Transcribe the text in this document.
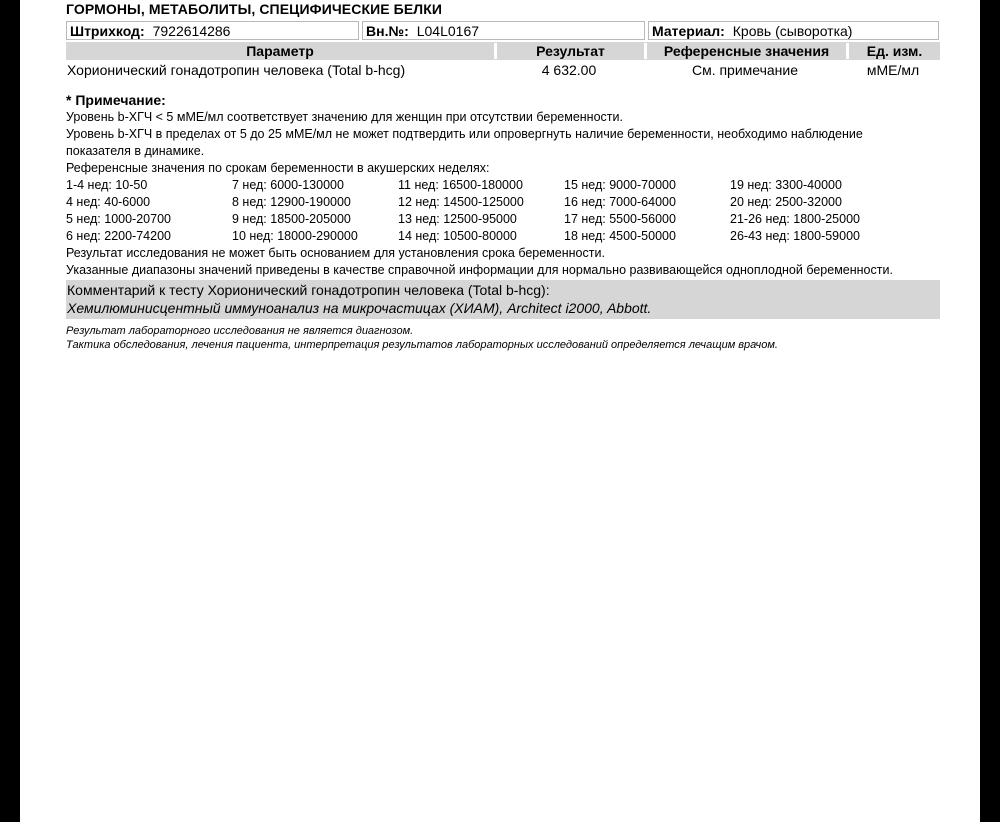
ГОРМОНЫ, МЕТАБОЛИТЫ, СПЕЦИФИЧЕСКИЕ БЕЛКИ
Штрихкод: 7922614286	Вн.№: L04L0167	Материал: Кровь (сыворотка)
Параметр	Результат	Референсные значения	Ед. изм.
Хорионический гонадотропин человека (Total b-hcg)	4 632.00	См. примечание	мМЕ/мл
* Примечание:
Уровень b-ХГЧ < 5 мМЕ/мл соответствует значению для женщин при отсутствии беременности.
Уровень b-ХГЧ в пределах от 5 до 25 мМЕ/мл не может подтвердить или опровергнуть наличие беременности, необходимо наблюдение
показателя в динамике.
Референсные значения по срокам беременности в акушерских неделях:
1-4 нед: 10-50	7 нед: 6000-130000	11 нед: 16500-180000	15 нед: 9000-70000	19 нед: 3300-40000
4 нед: 40-6000	8 нед: 12900-190000	12 нед: 14500-125000	16 нед: 7000-64000	20 нед: 2500-32000
5 нед: 1000-20700	9 нед: 18500-205000	13 нед: 12500-95000	17 нед: 5500-56000	21-26 нед: 1800-25000
6 нед: 2200-74200	10 нед: 18000-290000	14 нед: 10500-80000	18 нед: 4500-50000	26-43 нед: 1800-59000
Результат исследования не может быть основанием для установления срока беременности.
Указанные диапазоны значений приведены в качестве справочной информации для нормально развивающейся одноплодной беременности.
Комментарий к тесту Хорионический гонадотропин человека (Total b-hcg):
Хемилюминисцентный иммуноанализ на микрочастицах (ХИАМ), Architect i2000, Abbott.
Результат лабораторного исследования не является диагнозом.
Тактика обследования, лечения пациента, интерпретация результатов лабораторных исследований определяется лечащим врачом.
